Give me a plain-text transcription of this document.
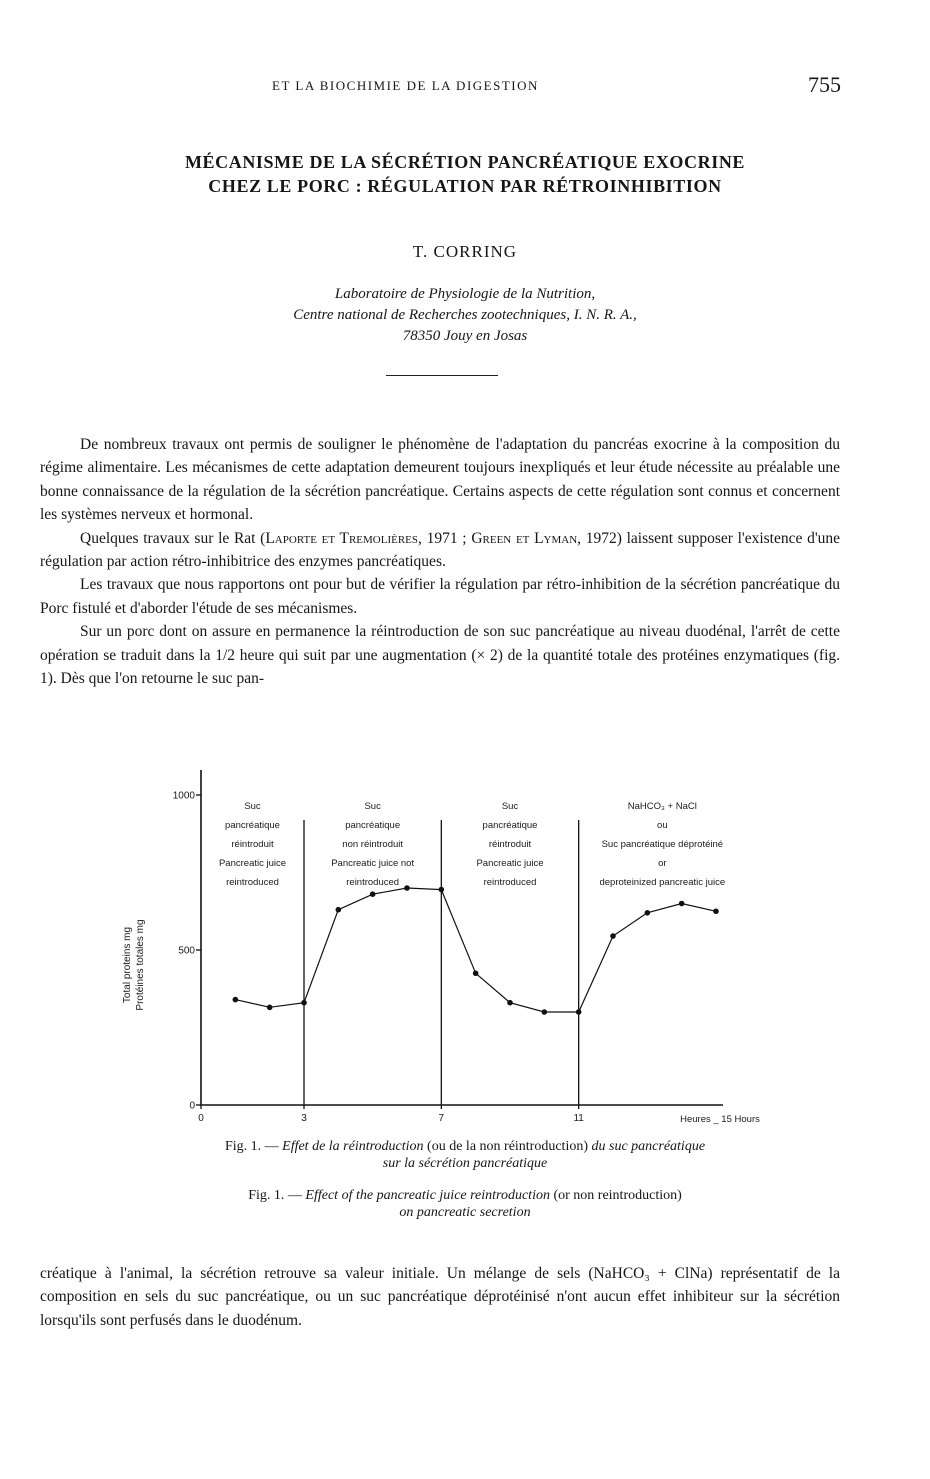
ET LA BIOCHIMIE DE LA DIGESTION	755
MÉCANISME DE LA SÉCRÉTION PANCRÉATIQUE EXOCRINE
CHEZ LE PORC : RÉGULATION PAR RÉTROINHIBITION
T. CORRING
Laboratoire de Physiologie de la Nutrition,
Centre national de Recherches zootechniques, I. N. R. A.,
78350 Jouy en Josas

De nombreux travaux ont permis de souligner le phénomène de l'adaptation du pancréas exocrine à la composition du régime alimentaire. Les mécanismes de cette adaptation demeurent toujours inexpliqués et leur étude nécessite au préalable une bonne connaissance de la régulation de la sécrétion pancréatique. Certains aspects de cette régulation sont connus et concernent les systèmes nerveux et hormonal.

Quelques travaux sur le Rat (Laporte et Tremolières, 1971 ; Green et Lyman, 1972) laissent supposer l'existence d'une régulation par action rétro-inhibitrice des enzymes pancréatiques.

Les travaux que nous rapportons ont pour but de vérifier la régulation par rétro-inhibition de la sécrétion pancréatique du Porc fistulé et d'aborder l'étude de ses mécanismes.

Sur un porc dont on assure en permanence la réintroduction de son suc pancréatique au niveau duodénal, l'arrêt de cette opération se traduit dans la 1/2 heure qui suit par une augmentation (× 2) de la quantité totale des protéines enzymatiques (fig. 1). Dès que l'on retourne le suc pan-

0
500
1000
0	3	7	11	Heures _ 15 Hours
Total proteins mg Protéines totales mg
Suc
pancréatique
réintroduit
Pancreatic juice
reintroduced
Suc
pancréatique
non réintroduit
Pancreatic juice not
reintroduced
Suc
pancréatique
réintroduit
Pancreatic juice
reintroduced
NaHCO₃ + NaCl
ou
Suc pancréatique déprotéiné
or
deproteinized pancreatic juice
Fig. 1. — Effet de la réintroduction (ou de la non réintroduction) du suc pancréatique
sur la sécrétion pancréatique
Fig. 1. — Effect of the pancreatic juice reintroduction (or non reintroduction)
on pancreatic secretion

créatique à l'animal, la sécrétion retrouve sa valeur initiale. Un mélange de sels (NaHCO₃ + ClNa) représentatif de la composition en sels du suc pancréatique, ou un suc pancréatique déprotéinisé n'ont aucun effet inhibiteur sur la sécrétion lorsqu'ils sont perfusés dans le duodénum.
